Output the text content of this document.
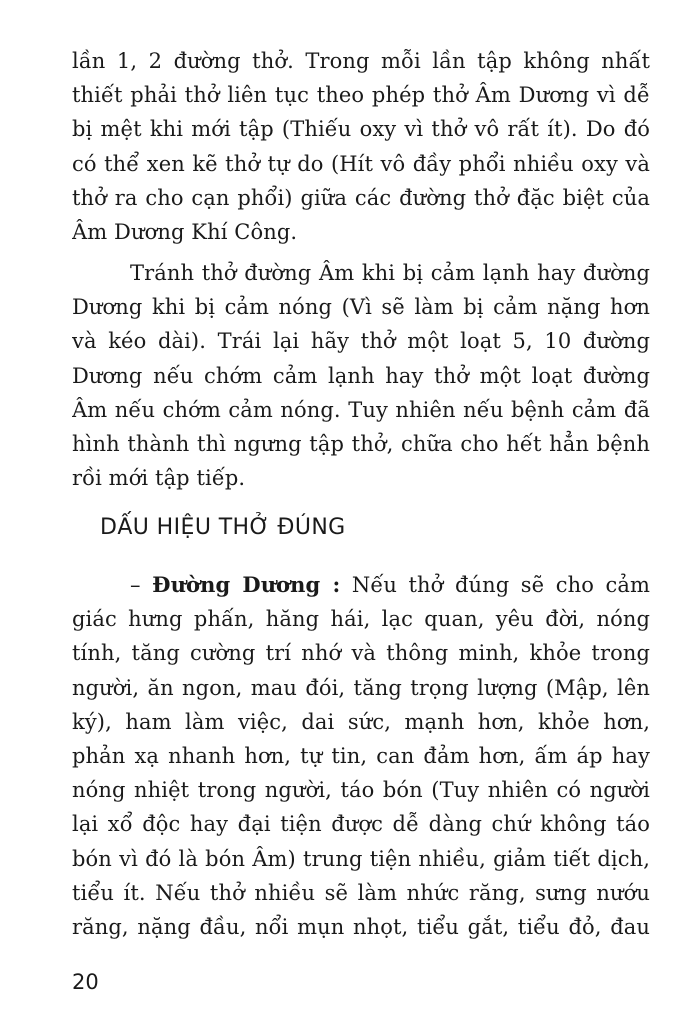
lần 1, 2 đường thở. Trong mỗi lần tập không nhất
thiết phải thở liên tục theo phép thở Âm Dương vì dễ
bị mệt khi mới tập (Thiếu oxy vì thở vô rất ít). Do đó
có thể xen kẽ thở tự do (Hít vô đầy phổi nhiều oxy và
thở ra cho cạn phổi) giữa các đường thở đặc biệt của
Âm Dương Khí Công.
Tránh thở đường Âm khi bị cảm lạnh hay đường
Dương khi bị cảm nóng (Vì sẽ làm bị cảm nặng hơn
và kéo dài). Trái lại hãy thở một loạt 5, 10 đường
Dương nếu chớm cảm lạnh hay thở một loạt đường
Âm nếu chớm cảm nóng. Tuy nhiên nếu bệnh cảm đã
hình thành thì ngưng tập thở, chữa cho hết hẳn bệnh
rồi mới tập tiếp.
DẤU HIỆU THỞ ĐÚNG
– Đường Dương : Nếu thở đúng sẽ cho cảm
giác hưng phấn, hăng hái, lạc quan, yêu đời, nóng
tính, tăng cường trí nhớ và thông minh, khỏe trong
người, ăn ngon, mau đói, tăng trọng lượng (Mập, lên
ký), ham làm việc, dai sức, mạnh hơn, khỏe hơn,
phản xạ nhanh hơn, tự tin, can đảm hơn, ấm áp hay
nóng nhiệt trong người, táo bón (Tuy nhiên có người
lại xổ độc hay đại tiện được dễ dàng chứ không táo
bón vì đó là bón Âm) trung tiện nhiều, giảm tiết dịch,
tiểu ít. Nếu thở nhiều sẽ làm nhức răng, sưng nướu
răng, nặng đầu, nổi mụn nhọt, tiểu gắt, tiểu đỏ, đau
20
